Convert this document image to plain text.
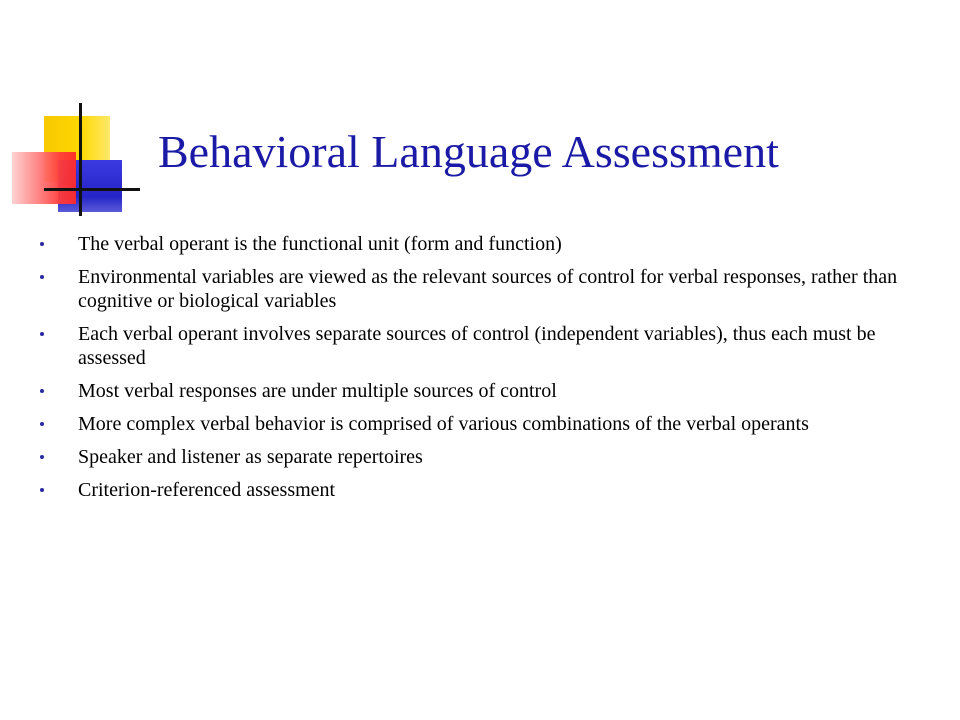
Behavioral Language Assessment
The verbal operant is the functional unit (form and function)
Environmental variables are viewed as the relevant sources of control for verbal responses, rather than cognitive or biological variables
Each verbal operant involves separate sources of control (independent variables), thus each must be assessed
Most verbal responses are under multiple sources of control
More complex verbal behavior is comprised of various combinations of the verbal operants
Speaker and listener as separate repertoires
Criterion-referenced assessment
